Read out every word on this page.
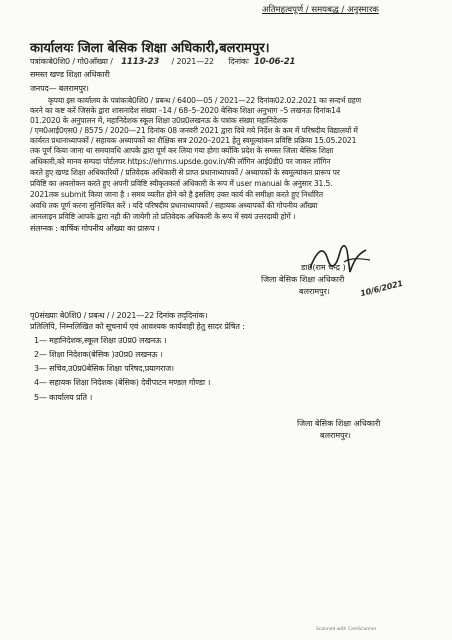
अतिमहत्वपूर्ण / समयबद्ध / अनुस्मारक
कार्यालयः जिला बेसिक शिक्षा अधिकारी,बलरामपुर।
पत्रांकःबे0शि0 / गो0आँख्या / 1113-23 / 2021—22 दिनांकः 10-06-21
समस्त खण्ड शिक्षा अधिकारी
जनपद— बलरामपुर।
कृपया इस कार्यालय के पत्रांकःबे0शि0 / प्रबन्ध / 6400—05 / 2021—22 दिनांक02.02.2021 का सन्दर्भ ग्रहण
करने का कष्ट करें जिसके द्वारा शासनादेश संख्या –14 / 68–5–2020 बेसिक शिक्षा अनुभाग –5 लखनऊ दिनांक14
01.2020 के अनुपालन में, महानिदेशक स्कूल शिक्षा उ0प्र0लखनऊ के पत्रांक संख्या महानिदेशक
/ एम0आई0एस0 / 8575 / 2020—21 दिनांक 08 जनवरी 2021 द्वारा दिये गये निर्देश के कम में परिषदीय विद्यालयों में
कार्यरत प्रधानाध्यापकों / सहायक अध्यापकों का शैक्षिक सत्र 2020–2021 हेतु स्वमूल्यांकन प्रविष्टि प्रक्रिया 15.05.2021
तक पूर्ण किया जाना था समयावधि आपके द्वारा पूर्ण कर लिया गया होगा क्योंकि प्रदेश के समस्त जिला बेसिक शिक्षा
अधिकारी,को मानव सम्पदा पोर्टलपर https://ehrms.upsde.gov.in/की लॉगिन आई0डी0 पर जाकर लॉगिन
करते हुए खण्ड शिक्षा अधिकारियों / प्रतिवेदक अधिकारी से प्राप्त प्रधानाध्यापकों / अध्यापकों के स्वमूल्यांकन प्रारूप पर
प्रविष्टि का अवलोकन करते हुए अपनी प्रविष्टि स्वीकृतकर्ता अधिकारी के रूप में user manual के अनुसार 31.5.
2021तक submit किया जाना है । समय व्यतीत होने को है इसलिए उक्त कार्य की समीक्षा करते हुए निर्धारित
अवधि तक पूर्ण करना सुनिश्चित करें । यदि परिषदीय प्रधानाध्यापकों / सहायक अध्यापकों की गोपनीय आँख्या
आनलाइन प्रविष्टि आपके द्वारा नही की जायेगी तो प्रतिवेदक अधिकारी के रूप में स्वयं उत्तरदायी होगें ।
संलग्नक : वार्षिक गोपनीय आँख्या का प्रारूप ।
डा0(राम चन्द्र )
जिला बेसिक शिक्षा अधिकारी
बलरामपुर।	10/6/2021
पृ0संख्याः बे0शि0 / प्रबन्ध / / 2021—22 दिनांक तद्‌दिनांक।
प्रतिलिपि, निम्नलिखित को सूचनार्थ एवं आवश्यक कार्यवाही हेतु सादर प्रेषित :
1— महानिदेशक,स्कूल शिक्षा उ0प्र0 लखनऊ ।
2— शिक्षा निदेशक(बेसिक )उ0प्र0 लखनऊ ।
3— सचिव,उ0प्र0बेसिक शिक्षा परिषद,प्रयागराज।
4— सहायक शिक्षा निदेशक (बेसिक) देवीपाटन मण्डल गोण्डा ।
5— कार्यालय प्रति ।
जिला बेसिक शिक्षा अधिकारी
बलरामपुर।
Scanned with CamScanner
